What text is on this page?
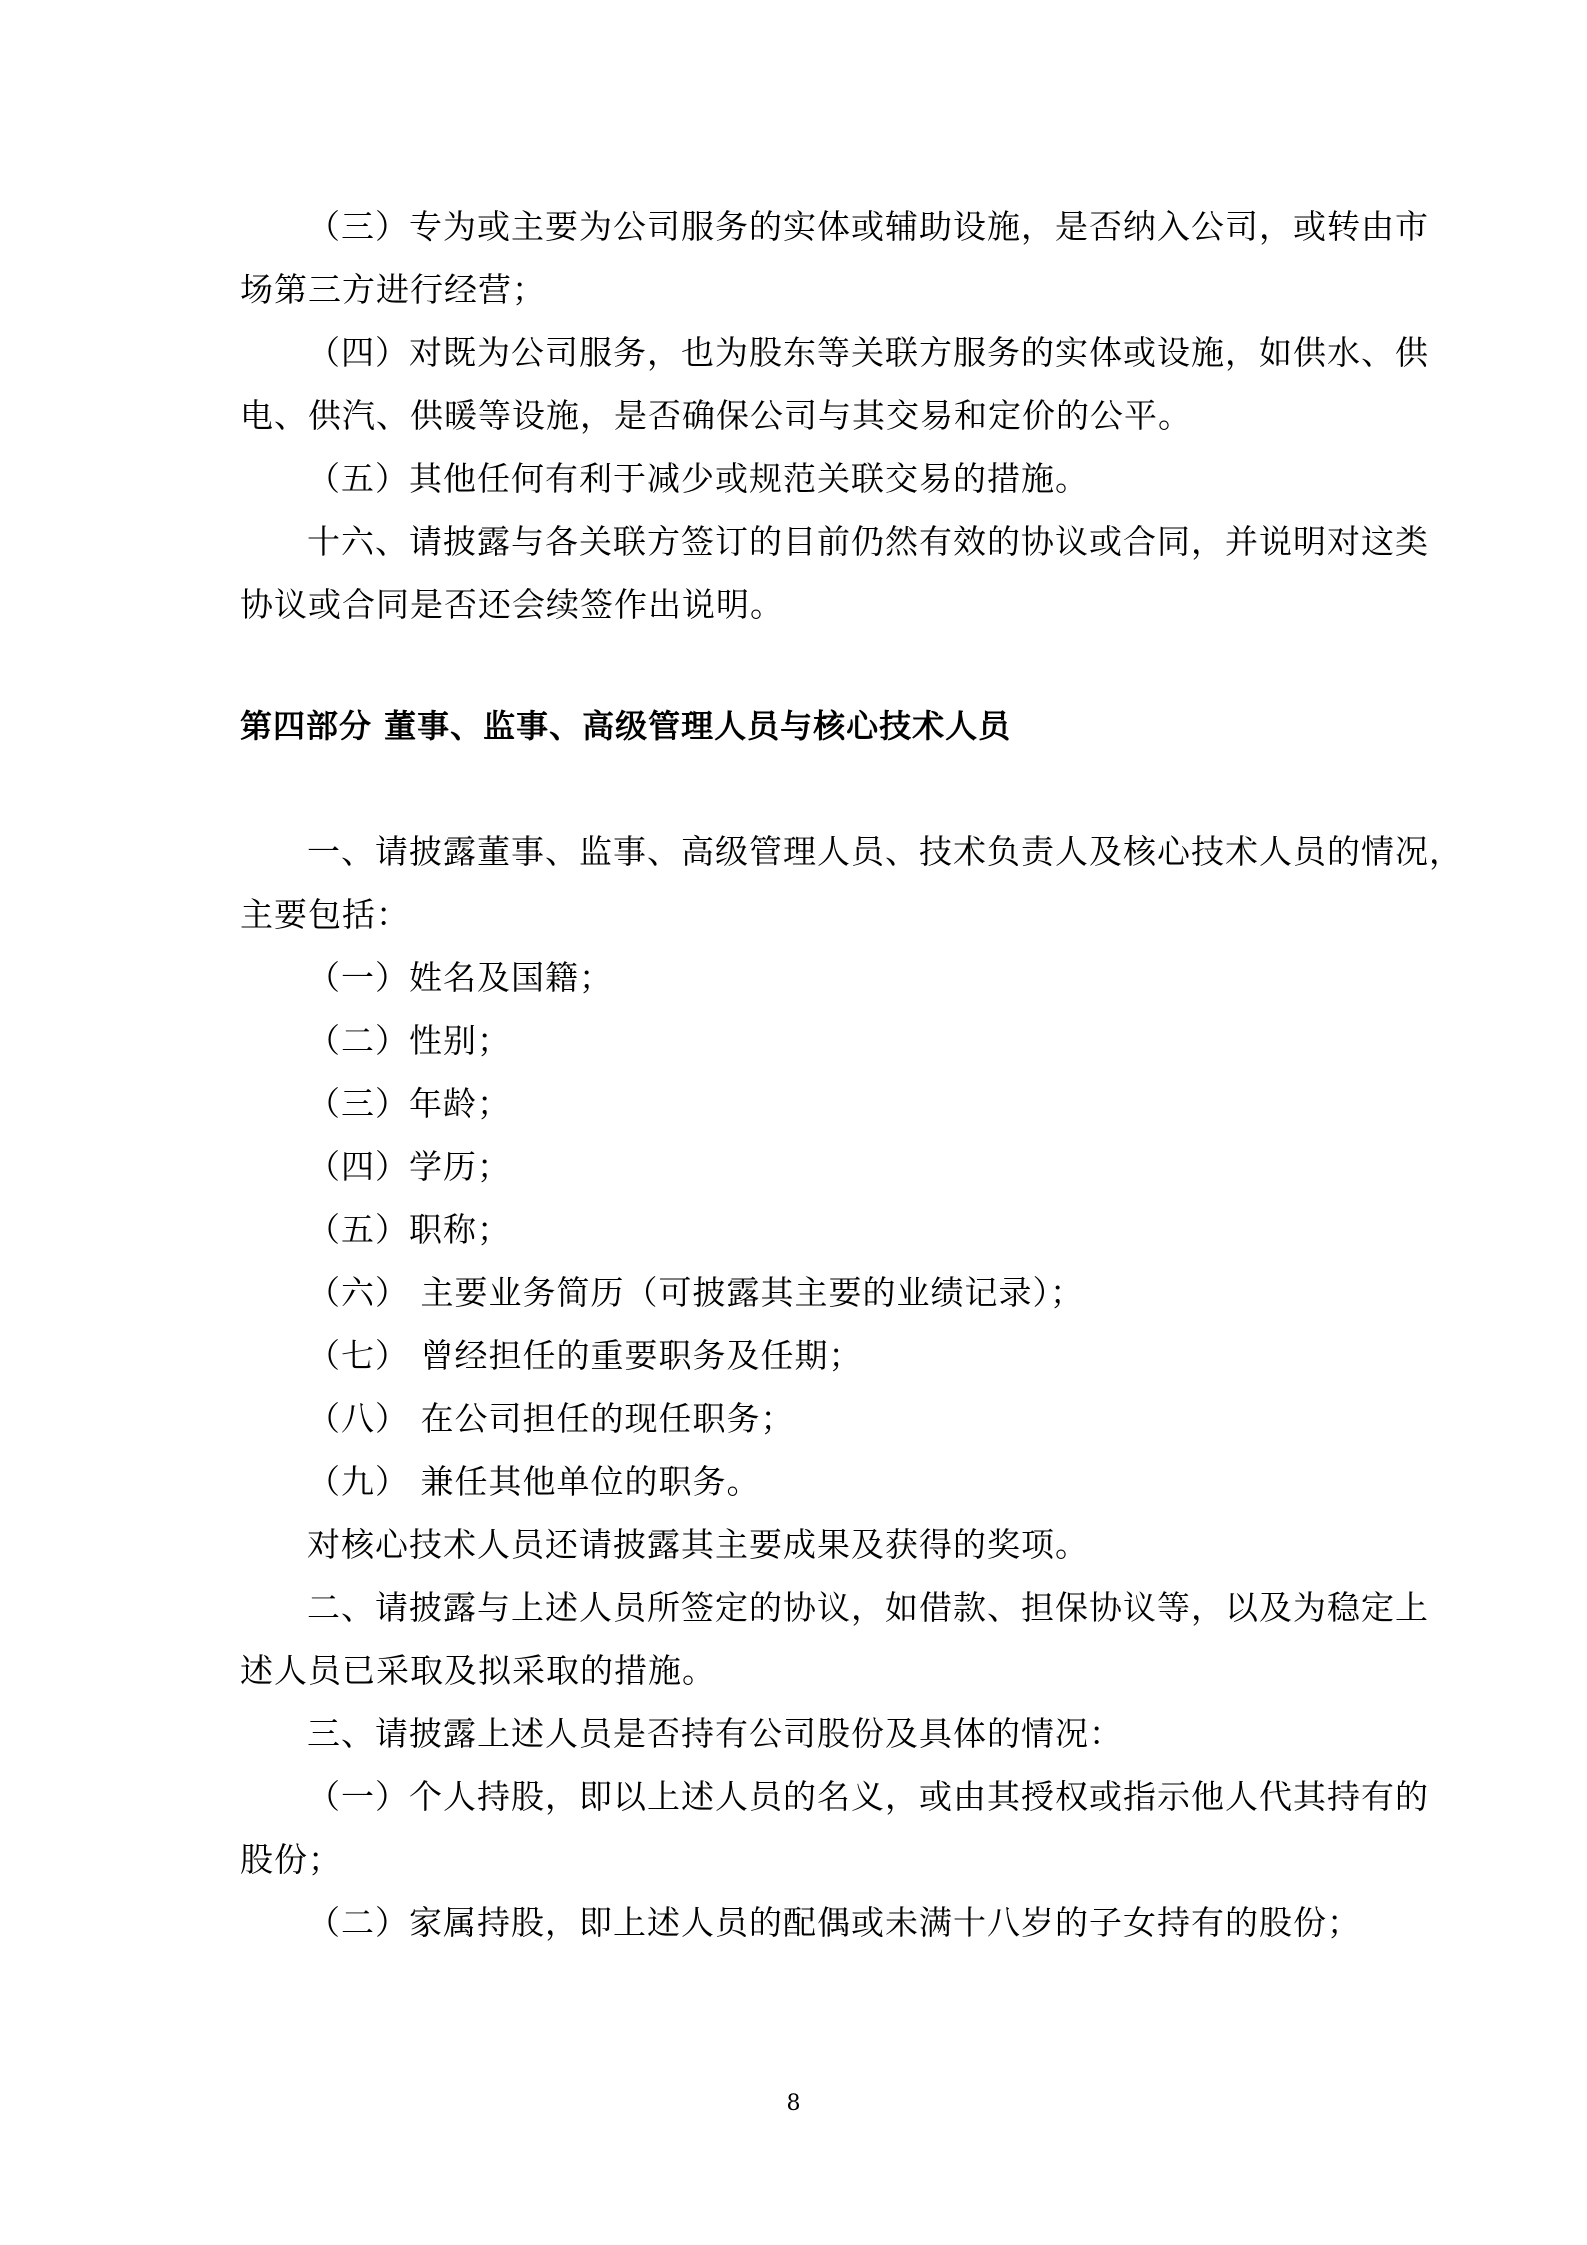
（三）专为或主要为公司服务的实体或辅助设施，是否纳入公司，或转由市
场第三方进行经营；
（四）对既为公司服务，也为股东等关联方服务的实体或设施，如供水、供
电、供汽、供暖等设施，是否确保公司与其交易和定价的公平。
（五）其他任何有利于减少或规范关联交易的措施。
十六、请披露与各关联方签订的目前仍然有效的协议或合同，并说明对这类
协议或合同是否还会续签作出说明。
第四部分 董事、监事、高级管理人员与核心技术人员
一、请披露董事、监事、高级管理人员、技术负责人及核心技术人员的情况，
主要包括：
（一）姓名及国籍；
（二）性别；
（三）年龄；
（四）学历；
（五）职称；
（六） 主要业务简历（可披露其主要的业绩记录）；
（七） 曾经担任的重要职务及任期；
（八） 在公司担任的现任职务；
（九） 兼任其他单位的职务。
对核心技术人员还请披露其主要成果及获得的奖项。
二、请披露与上述人员所签定的协议，如借款、担保协议等，以及为稳定上
述人员已采取及拟采取的措施。
三、请披露上述人员是否持有公司股份及具体的情况：
（一）个人持股，即以上述人员的名义，或由其授权或指示他人代其持有的
股份；
（二）家属持股，即上述人员的配偶或未满十八岁的子女持有的股份；
8
